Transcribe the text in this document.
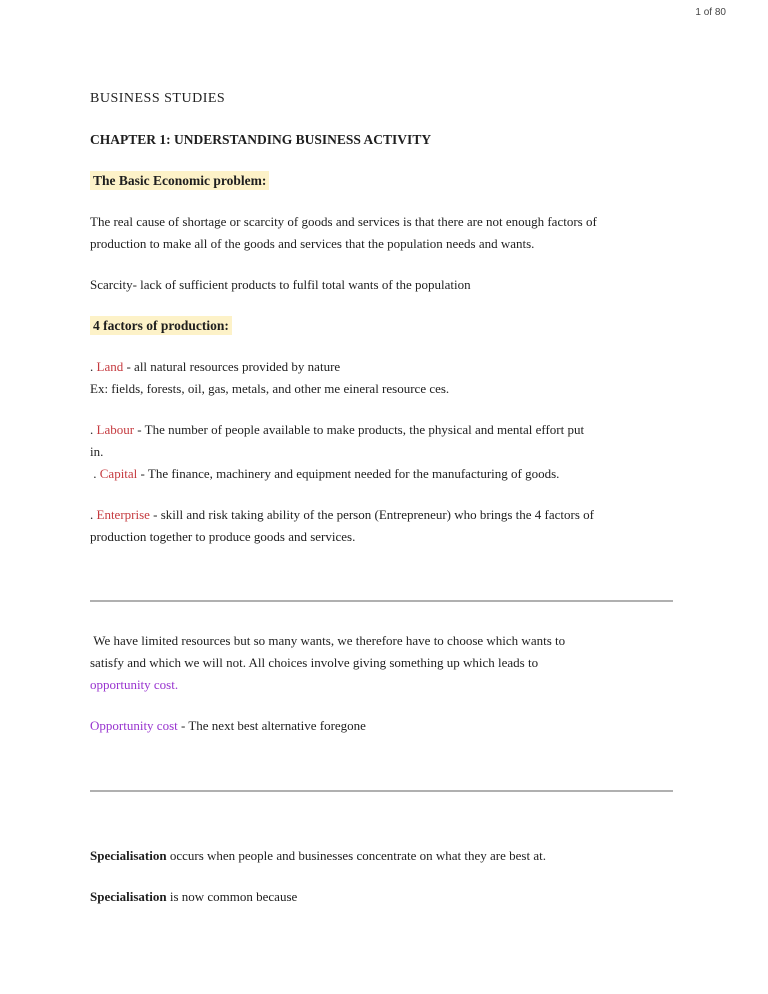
1 of 80
BUSINESS STUDIES
CHAPTER 1: UNDERSTANDING BUSINESS ACTIVITY
The Basic Economic problem:

The real cause of shortage or scarcity of goods and services is that there are not enough factors of
production to make all of the goods and services that the population needs and wants.

Scarcity- lack of sufficient products to fulfil total wants of the population

4 factors of production:

. Land - all natural resources provided by nature
Ex: fields, forests, oil, gas, metals, and other me eineral resource ces.

. Labour - The number of people available to make products, the physical and mental effort put
in.
. Capital - The finance, machinery and equipment needed for the manufacturing of goods.

. Enterprise - skill and risk taking ability of the person (Entrepreneur) who brings the 4 factors of
production together to produce goods and services.

We have limited resources but so many wants, we therefore have to choose which wants to
satisfy and which we will not. All choices involve giving something up which leads to
opportunity cost.

Opportunity cost - The next best alternative foregone

Specialisation occurs when people and businesses concentrate on what they are best at.

Specialisation is now common because
